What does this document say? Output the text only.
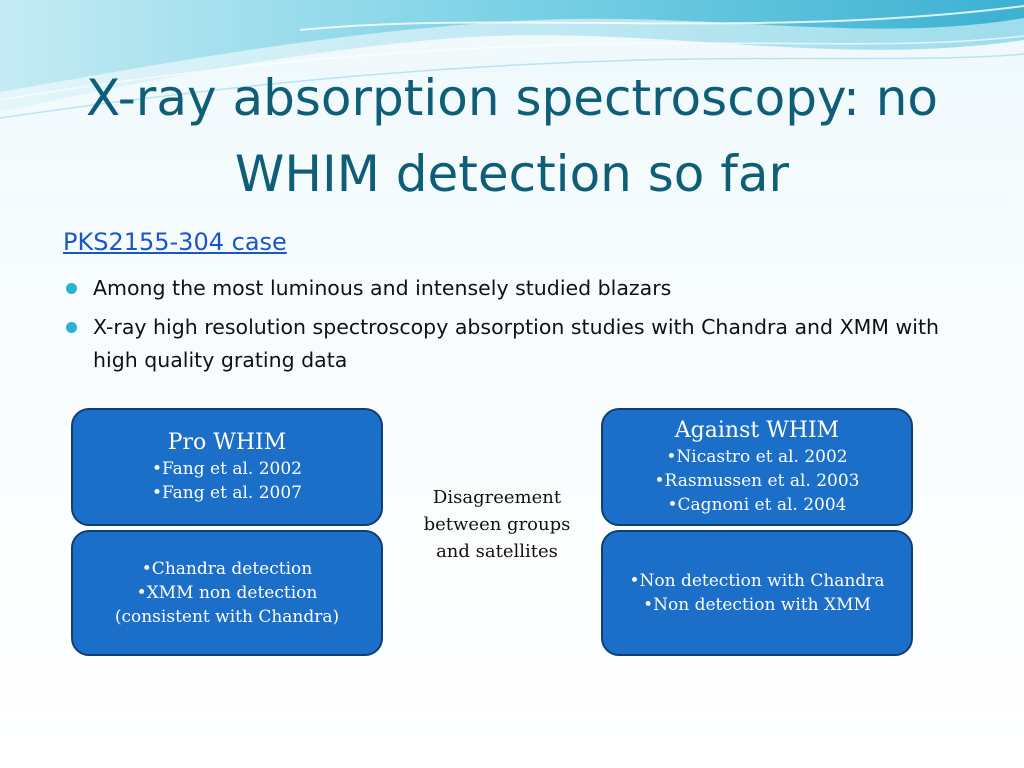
X-ray absorption spectroscopy: no
WHIM detection so far
PKS2155-304 case
Among the most luminous and intensely studied blazars
X-ray high resolution spectroscopy absorption studies with Chandra and XMM with high quality grating data
Pro WHIM
•Fang et al. 2002
•Fang et al. 2007
•Chandra detection
•XMM non detection
(consistent with Chandra)
Disagreement
between groups
and satellites
Against WHIM
•Nicastro et al. 2002
•Rasmussen et al. 2003
•Cagnoni et al. 2004
•Non detection with Chandra
•Non detection with XMM
